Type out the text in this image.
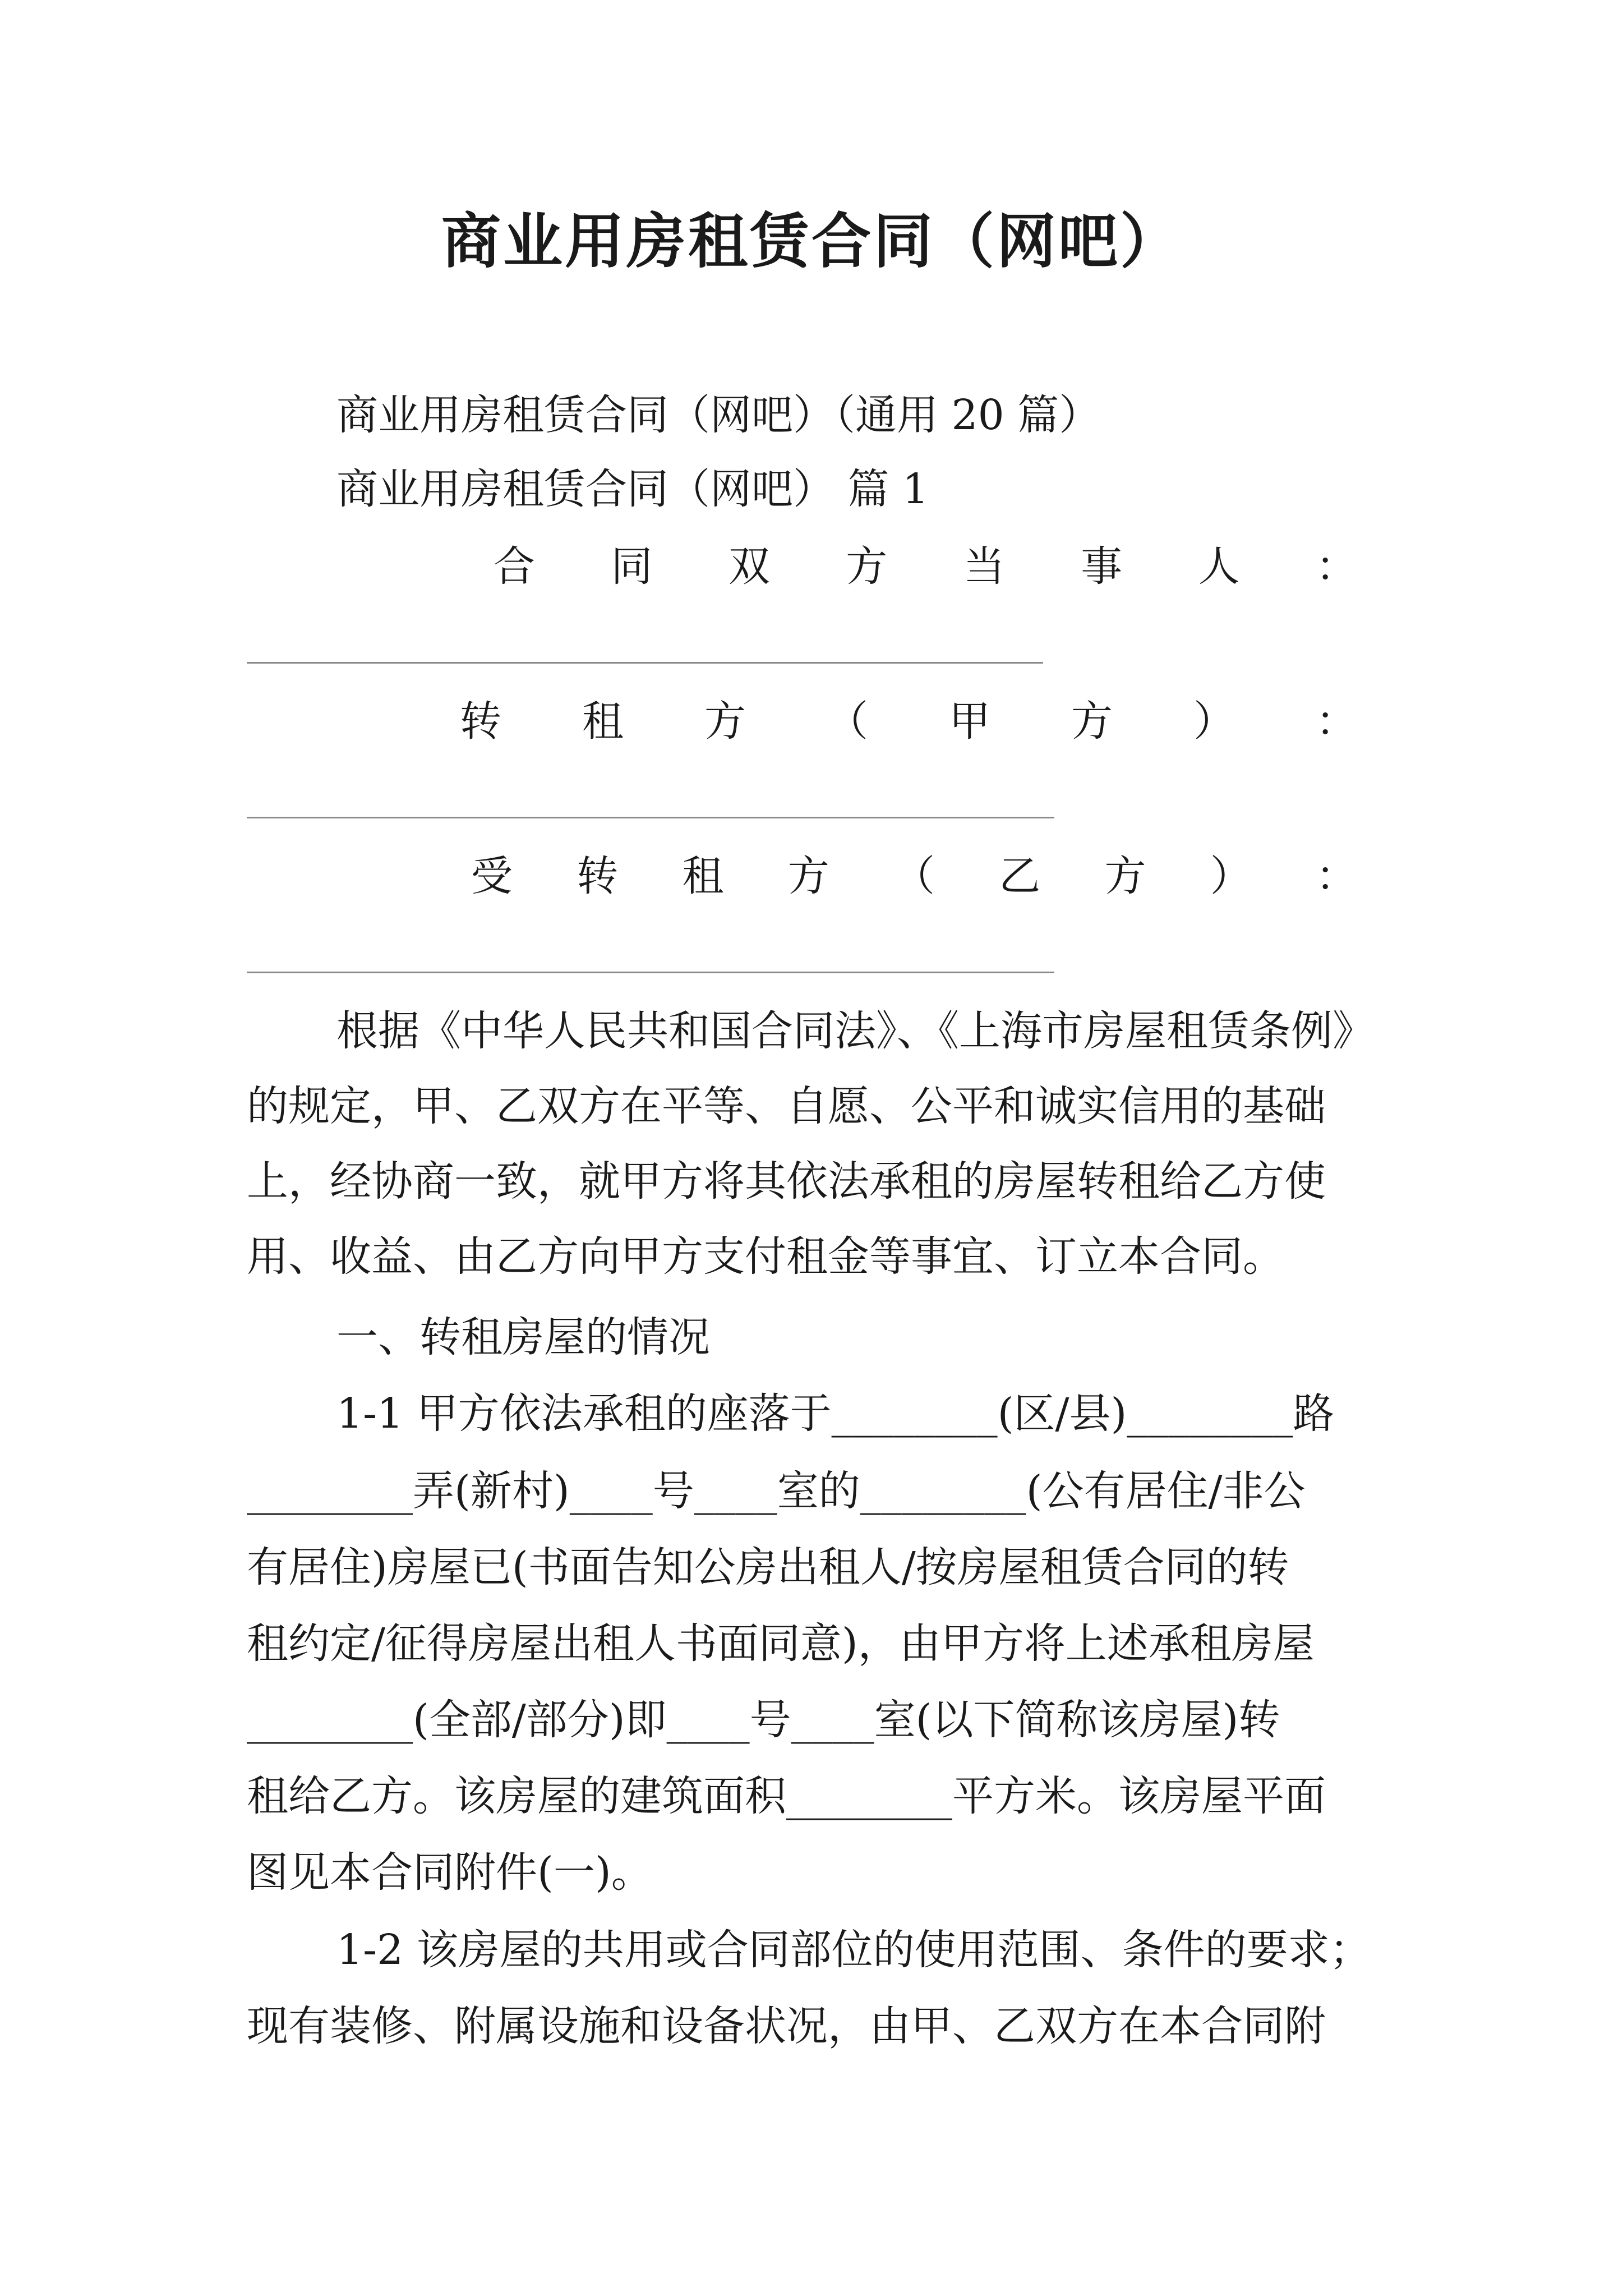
商业用房租赁合同（网吧）
商业用房租赁合同（网吧）（通用 20 篇）
商业用房租赁合同（网吧） 篇 1
合 同 双 方 当 事 人 ：
转 租 方 （ 甲 方 ） ：
受 转 租 方 （ 乙 方 ） ：
根据《中华人民共和国合同法》、《上海市房屋租赁条例》
的规定，甲、乙双方在平等、自愿、公平和诚实信用的基础
上，经协商一致，就甲方将其依法承租的房屋转租给乙方使
用、收益、由乙方向甲方支付租金等事宜、订立本合同。
一、转租房屋的情况
1-1 甲方依法承租的座落于________(区/县)________路
________弄(新村)____号____室的________(公有居住/非公
有居住)房屋已(书面告知公房出租人/按房屋租赁合同的转
租约定/征得房屋出租人书面同意)，由甲方将上述承租房屋
________(全部/部分)即____号____室(以下简称该房屋)转
租给乙方。该房屋的建筑面积________平方米。该房屋平面
图见本合同附件(一)。
1-2 该房屋的共用或合同部位的使用范围、条件的要求；
现有装修、附属设施和设备状况，由甲、乙双方在本合同附
